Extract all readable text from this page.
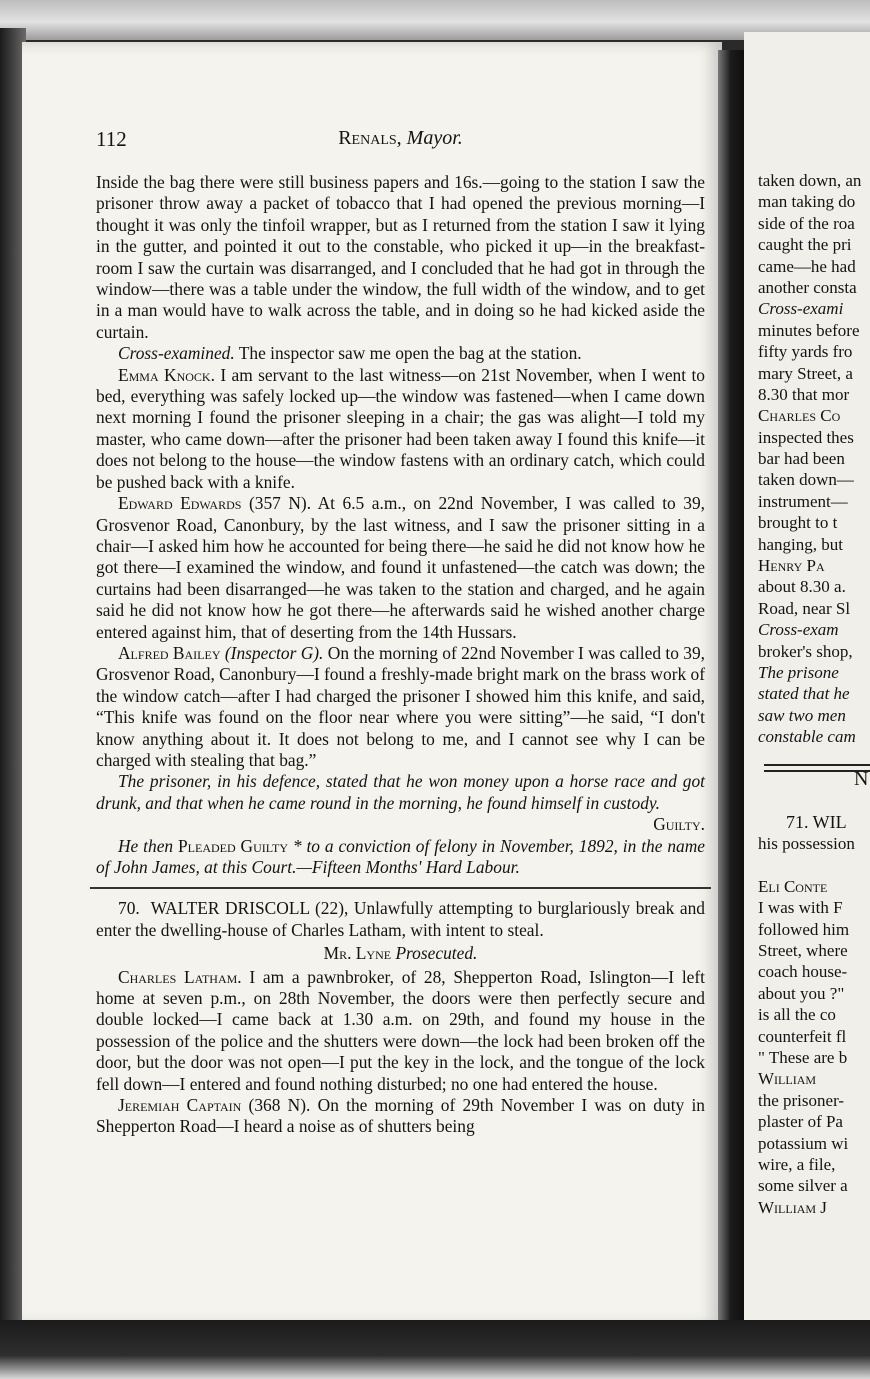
112	Renals, Mayor.

Inside the bag there were still business papers and 16s.—going to the station I saw the prisoner throw away a packet of tobacco that I had opened the previous morning—I thought it was only the tinfoil wrapper, but as I returned from the station I saw it lying in the gutter, and pointed it out to the constable, who picked it up—in the breakfast-room I saw the curtain was disarranged, and I concluded that he had got in through the window—there was a table under the window, the full width of the window, and to get in a man would have to walk across the table, and in doing so he had kicked aside the curtain.

Cross-examined. The inspector saw me open the bag at the station.

Emma Knock. I am servant to the last witness—on 21st November, when I went to bed, everything was safely locked up—the window was fastened—when I came down next morning I found the prisoner sleeping in a chair; the gas was alight—I told my master, who came down—after the prisoner had been taken away I found this knife—it does not belong to the house—the window fastens with an ordinary catch, which could be pushed back with a knife.

Edward Edwards (357 N). At 6.5 a.m., on 22nd November, I was called to 39, Grosvenor Road, Canonbury, by the last witness, and I saw the prisoner sitting in a chair—I asked him how he accounted for being there—he said he did not know how he got there—I examined the window, and found it unfastened—the catch was down; the curtains had been disarranged—he was taken to the station and charged, and he again said he did not know how he got there—he afterwards said he wished another charge entered against him, that of deserting from the 14th Hussars.

Alfred Bailey (Inspector G). On the morning of 22nd November I was called to 39, Grosvenor Road, Canonbury—I found a freshly-made bright mark on the brass work of the window catch—after I had charged the prisoner I showed him this knife, and said, “This knife was found on the floor near where you were sitting”—he said, “I don't know anything about it. It does not belong to me, and I cannot see why I can be charged with stealing that bag.”

The prisoner, in his defence, stated that he won money upon a horse race and got drunk, and that when he came round in the morning, he found himself in custody.

Guilty.

He then Pleaded Guilty * to a conviction of felony in November, 1892, in the name of John James, at this Court.—Fifteen Months' Hard Labour.

70. WALTER DRISCOLL (22), Unlawfully attempting to burglariously break and enter the dwelling-house of Charles Latham, with intent to steal.

Mr. Lyne Prosecuted.

Charles Latham. I am a pawnbroker, of 28, Shepperton Road, Islington—I left home at seven p.m., on 28th November, the doors were then perfectly secure and double locked—I came back at 1.30 a.m. on 29th, and found my house in the possession of the police and the shutters were down—the lock had been broken off the door, but the door was not open—I put the key in the lock, and the tongue of the lock fell down—I entered and found nothing disturbed; no one had entered the house.

Jeremiah Captain (368 N). On the morning of 29th November I was on duty in Shepperton Road—I heard a noise as of shutters being

taken down, an
man taking do
side of the roa
caught the pri
came—he had
another consta
Cross-exami
minutes before
fifty yards fro
mary Street, a
8.30 that mor
Charles Co
inspected thes
bar had been
taken down—
instrument—
brought to t
hanging, but
Henry Pa
about 8.30 a.
Road, near Sl
Cross-exam
broker's shop,
The prisone
stated that he
saw two men
constable cam
N
71. WIL
his possession
Eli Conte
I was with F
followed him
Street, where
coach house-
about you ?"
is all the co
counterfeit fl
" These are b
William
the prisoner-
plaster of Pa
potassium wi
wire, a file,
some silver a
William J
